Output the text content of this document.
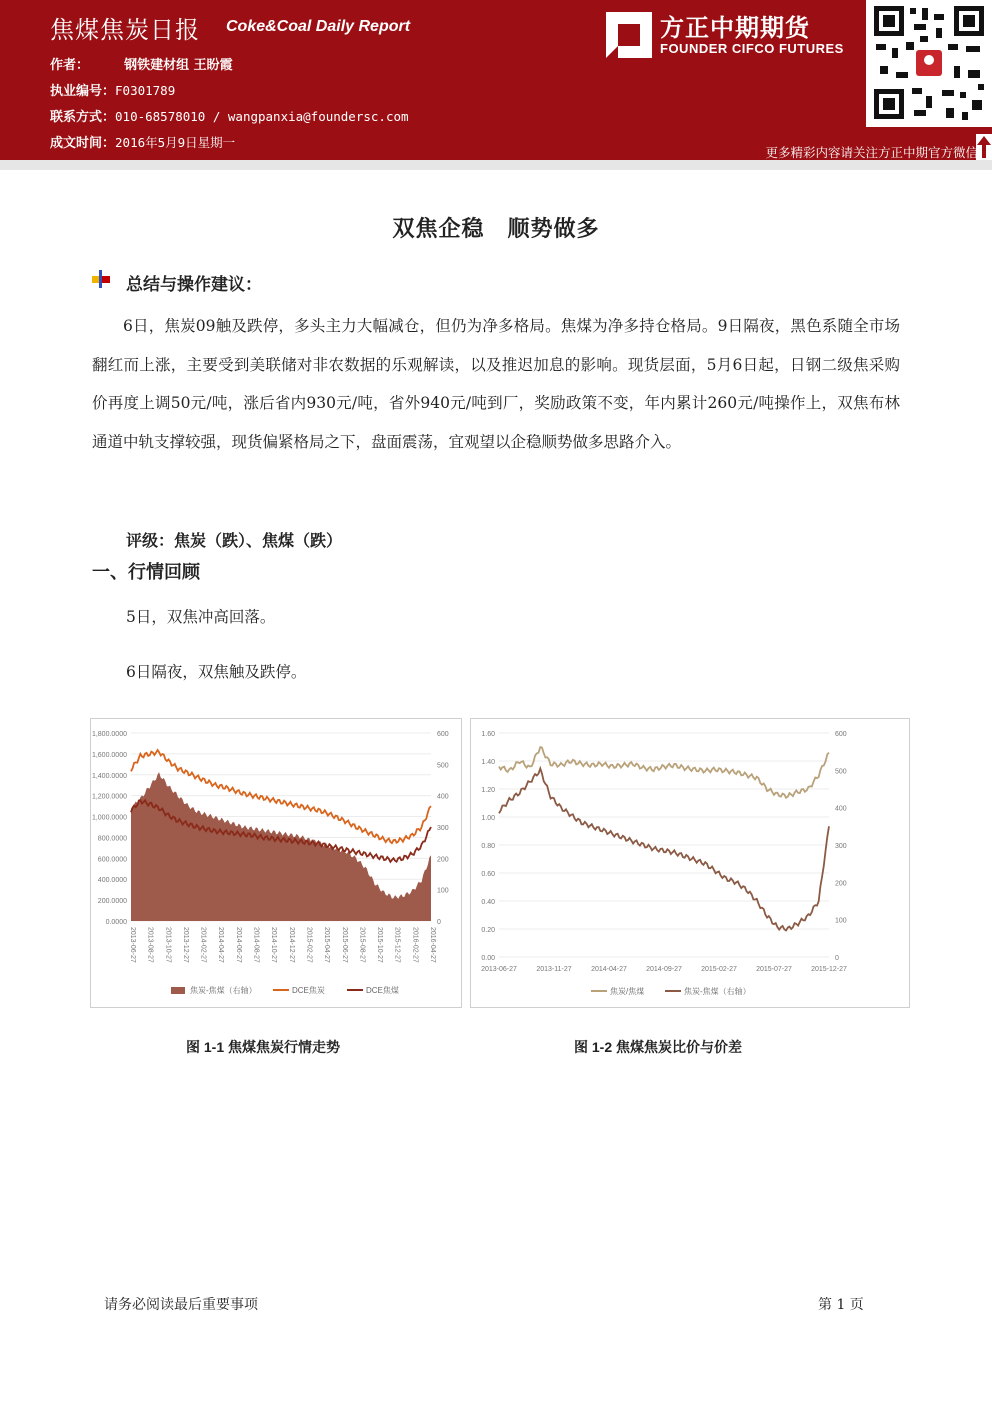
焦煤焦炭日报 Coke&Coal Daily Report
作者：	钢铁建材组 王盼霞
执业编号：F0301789
联系方式：010-68578010 / wangpanxia@foundersc.com
成文时间：2016年5月9日星期一
方正中期期货
FOUNDER CIFCO FUTURES
更多精彩内容请关注方正中期官方微信
双焦企稳　顺势做多
总结与操作建议：
6日，焦炭09触及跌停，多头主力大幅减仓，但仍为净多格局。焦煤为净多持仓格局。9日隔夜，黑色系随全市场翻红而上涨，主要受到美联储对非农数据的乐观解读，以及推迟加息的影响。现货层面，5月6日起，日钢二级焦采购价再度上调50元/吨，涨后省内930元/吨，省外940元/吨到厂，奖励政策不变，年内累计260元/吨操作上，双焦布林通道中轨支撑较强，现货偏紧格局之下，盘面震荡，宜观望以企稳顺势做多思路介入。
评级：焦炭（跌）、焦煤（跌）
一、行情回顾
5日，双焦冲高回落。
6日隔夜，双焦触及跌停。
0.0000
200.0000
400.0000
600.0000
800.0000
1,000.0000
1,200.0000
1,400.0000
1,600.0000
1,800.0000
0
100
200
300
400
500
600
2013-06-27 2013-08-27 2013-10-27 2013-12-27 2014-02-27 2014-04-27 2014-06-27 2014-08-27 2014-10-27 2014-12-27 2015-02-27 2015-04-27 2015-06-27 2015-08-27 2015-10-27 2015-12-27 2016-02-27 2016-04-27
焦炭-焦煤（右轴）	DCE焦炭	DCE焦煤
0.00
0.20
0.40
0.60
0.80
1.00
1.20
1.40
1.60
0
100
200
300
400
500
600
2013-06-27	2013-11-27	2014-04-27	2014-09-27	2015-02-27	2015-07-27	2015-12-27
焦炭/焦煤	焦炭-焦煤（右轴）
图 1-1 焦煤焦炭行情走势	图 1-2 焦煤焦炭比价与价差
请务必阅读最后重要事项	第 1 页
